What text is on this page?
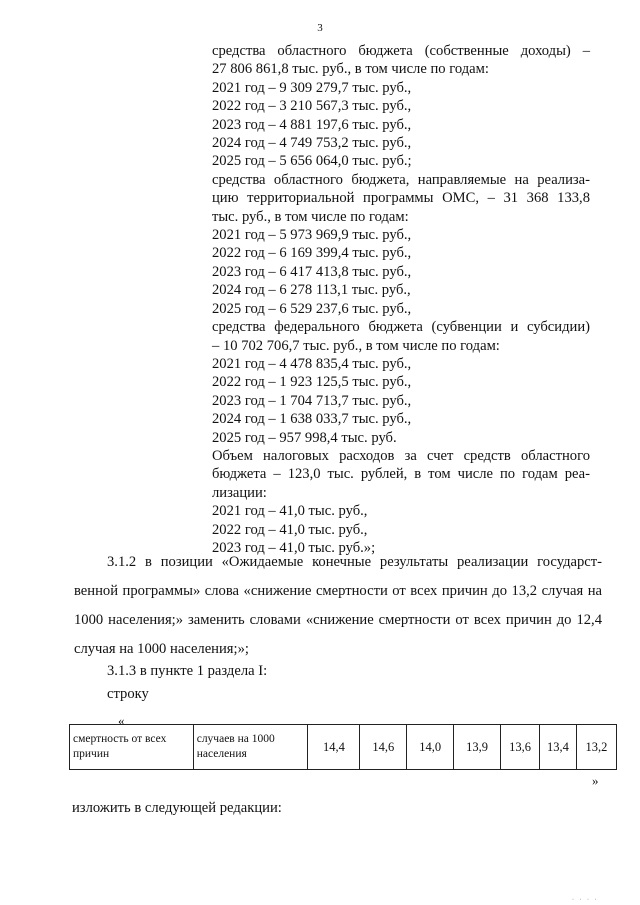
3
средства областного бюджета (собственные доходы) –
27 806 861,8 тыс. руб., в том числе по годам:
2021 год – 9 309 279,7 тыс. руб.,
2022 год – 3 210 567,3 тыс. руб.,
2023 год – 4 881 197,6 тыс. руб.,
2024 год – 4 749 753,2 тыс. руб.,
2025 год – 5 656 064,0 тыс. руб.;
средства областного бюджета, направляемые на реализа-
цию территориальной программы ОМС, – 31 368 133,8
тыс. руб., в том числе по годам:
2021 год – 5 973 969,9 тыс. руб.,
2022 год – 6 169 399,4 тыс. руб.,
2023 год – 6 417 413,8 тыс. руб.,
2024 год – 6 278 113,1 тыс. руб.,
2025 год – 6 529 237,6 тыс. руб.,
средства федерального бюджета (субвенции и субсидии)
– 10 702 706,7 тыс. руб., в том числе по годам:
2021 год – 4 478 835,4 тыс. руб.,
2022 год – 1 923 125,5 тыс. руб.,
2023 год – 1 704 713,7 тыс. руб.,
2024 год – 1 638 033,7 тыс. руб.,
2025 год – 957 998,4 тыс. руб.
Объем налоговых расходов за счет средств областного
бюджета – 123,0 тыс. рублей, в том числе по годам реа-
лизации:
2021 год – 41,0 тыс. руб.,
2022 год – 41,0 тыс. руб.,
2023 год – 41,0 тыс. руб.»;
3.1.2 в позиции «Ожидаемые конечные результаты реализации государст-венной программы» слова «снижение смертности от всех причин до 13,2 случая на 1000 населения;» заменить словами «снижение смертности от всех причин до 12,4 случая на 1000 населения;»;
3.1.3 в пункте 1 раздела I:
строку
«
смертность от всех причин	случаев на 1000 населения	14,4	14,6	14,0	13,9	13,6	13,4	13,2
»
изложить в следующей редакции:
· · · ·
